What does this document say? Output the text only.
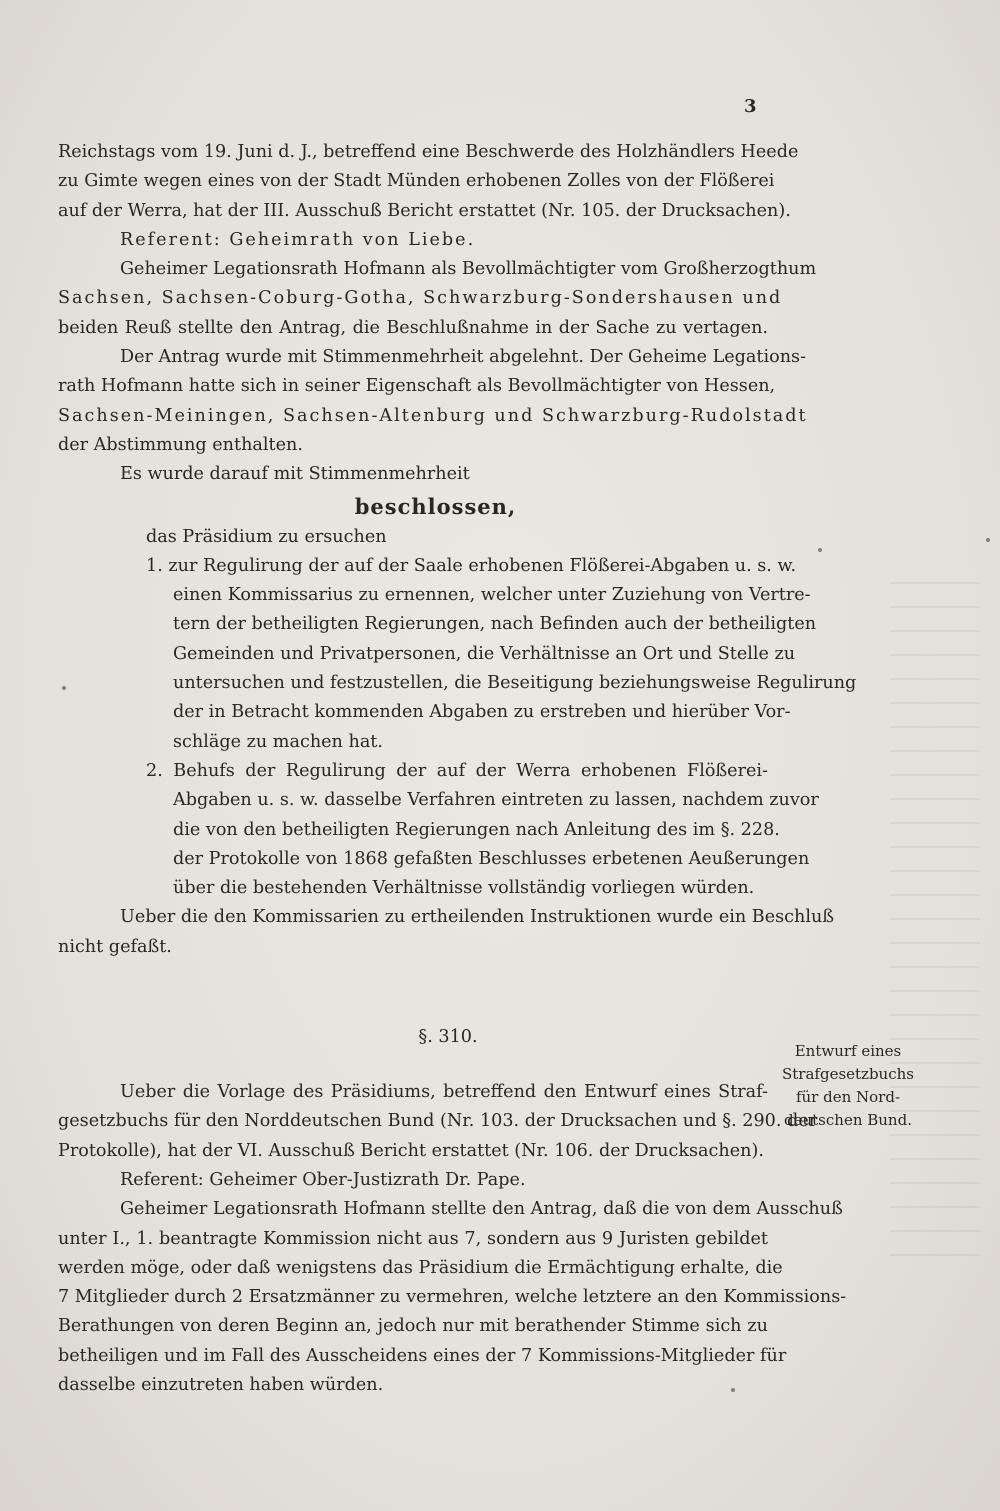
3
Reichstags vom 19. Juni d. J., betreffend eine Beschwerde des Holzhändlers Heede
zu Gimte wegen eines von der Stadt Münden erhobenen Zolles von der Flößerei
auf der Werra, hat der III. Ausschuß Bericht erstattet (Nr. 105. der Drucksachen).
Referent: Geheimrath von Liebe.
Geheimer Legationsrath Hofmann als Bevollmächtigter vom Großherzogthum
Sachsen, Sachsen-Coburg-Gotha, Schwarzburg-Sondershausen und
beiden Reuß stellte den Antrag, die Beschlußnahme in der Sache zu vertagen.
Der Antrag wurde mit Stimmenmehrheit abgelehnt. Der Geheime Legations-
rath Hofmann hatte sich in seiner Eigenschaft als Bevollmächtigter von Hessen,
Sachsen-Meiningen, Sachsen-Altenburg und Schwarzburg-Rudolstadt
der Abstimmung enthalten.
Es wurde darauf mit Stimmenmehrheit
beschlossen,
das Präsidium zu ersuchen
1. zur Regulirung der auf der Saale erhobenen Flößerei-Abgaben u. s. w.
einen Kommissarius zu ernennen, welcher unter Zuziehung von Vertre-
tern der betheiligten Regierungen, nach Befinden auch der betheiligten
Gemeinden und Privatpersonen, die Verhältnisse an Ort und Stelle zu
untersuchen und festzustellen, die Beseitigung beziehungsweise Regulirung
der in Betracht kommenden Abgaben zu erstreben und hierüber Vor-
schläge zu machen hat.
2. Behufs der Regulirung der auf der Werra erhobenen Flößerei-
Abgaben u. s. w. dasselbe Verfahren eintreten zu lassen, nachdem zuvor
die von den betheiligten Regierungen nach Anleitung des im §. 228.
der Protokolle von 1868 gefaßten Beschlusses erbetenen Aeußerungen
über die bestehenden Verhältnisse vollständig vorliegen würden.
Ueber die den Kommissarien zu ertheilenden Instruktionen wurde ein Beschluß
nicht gefaßt.
§. 310.
Ueber die Vorlage des Präsidiums, betreffend den Entwurf eines Straf-
gesetzbuchs für den Norddeutschen Bund (Nr. 103. der Drucksachen und §. 290. der
Protokolle), hat der VI. Ausschuß Bericht erstattet (Nr. 106. der Drucksachen).
Referent: Geheimer Ober-Justizrath Dr. Pape.
Geheimer Legationsrath Hofmann stellte den Antrag, daß die von dem Ausschuß
unter I., 1. beantragte Kommission nicht aus 7, sondern aus 9 Juristen gebildet
werden möge, oder daß wenigstens das Präsidium die Ermächtigung erhalte, die
7 Mitglieder durch 2 Ersatzmänner zu vermehren, welche letztere an den Kommissions-
Berathungen von deren Beginn an, jedoch nur mit berathender Stimme sich zu
betheiligen und im Fall des Ausscheidens eines der 7 Kommissions-Mitglieder für
dasselbe einzutreten haben würden.
Entwurf eines
Strafgesetzbuchs
für den Nord-
deutschen Bund.
